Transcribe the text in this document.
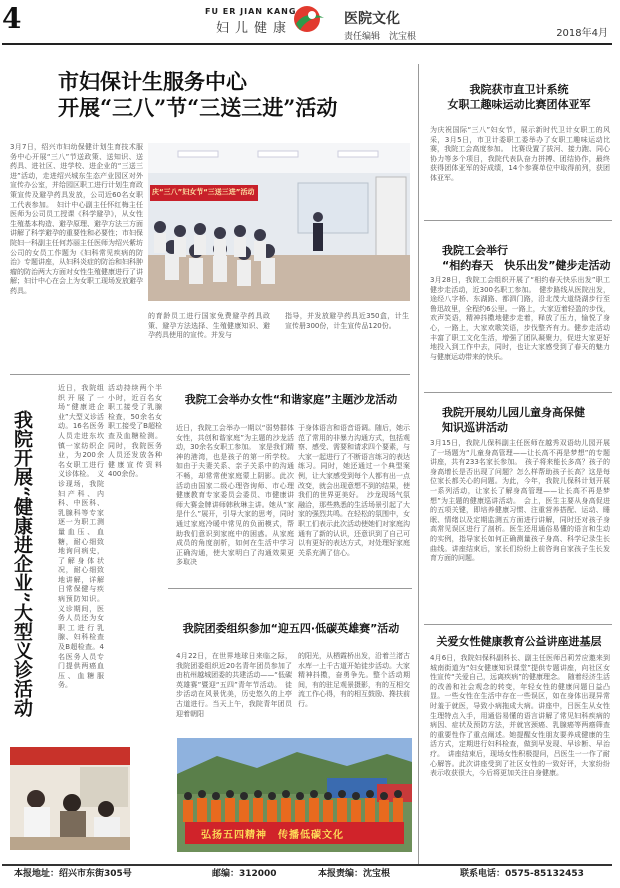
4	FU ER JIAN KANG
妇儿健康
医院文化
责任编辑　沈宝根	2018年4月
市妇保计生服务中心
开展“三八”节“三送三进”活动
3月7日，绍兴市妇幼保健计划生育技术服务中心开展“三八”节送政策、送知识、送药具、进社区、进学校、进企业的“三送三进”活动，走进绍兴城东生态产业园区对外宣传办公室，并给园区职工进行计划生育政策宣传及避孕药具发放，公司近60名女职工代表参加。　妇计中心副主任怀红梅主任医师为公司员工授课《科学避孕》，从女性生殖基本构造、避孕原理、避孕方法三方面讲解了科学避孕的重要性和必要性；市妇保院妇一科副主任何苏丽主任医师为绍兴紫坊公司的女员工作题为《妇科常见疾病的防治》专题讲座，从妇科炎症的防治和妇科肿瘤的防治两大方面对女性生殖健康进行了讲解；妇计中心在会上为女职工现场发放避孕药具。
庆“三八”妇女节“三送三进”活动
的育龄员工进行国家免费避孕药具政策、避孕方法选择、生殖健康知识、避孕药具使用的宣传。并发与
指导，并发放避孕药具近350盒，计生宣传册300份，计生宣传品120份。
我院开展“健康进企业”大型义诊活动
近日，我院组织开展了一场“健康进企业”大型义诊活动。16名医务人员走进东坎镇一家纺织企业，为200余名女职工进行义诊体检。　义诊现场，我院妇产科、内科、中医科、乳腺科等专家逐一为职工测量血压、血糖，耐心细致地询问病史，了解身体状况，耐心细致地讲解，详解日常保健与疾病预防知识。义诊期间，医务人员还为女职工进行乳腺、妇科检查及B超检查。4名医务人员专门提供两癌血压、血糖服务。
活动持续两个半小时，近百名女职工接受了乳腺检查，50余名女职工接受了B超检查及血糖检测。同时，我院医务人员还发放各种健康宣传资料400余份。
我院工会举办女性“和谐家庭”主题沙龙活动
近日，我院工会举办一期以“弱势群体女性，共创和谐家庭”为主题的沙龙活动，30余名女职工参加。　家是我们精神的港湾，也是孩子的第一所学校。如由于夫妻关系、亲子关系中的沟通不畅，却常常使家庭蒙上阴影。此次活动由国家二级心理咨询师、市心理健康教育专家委员会委员、市健康讲师大赛金牌讲师韩秋琳主讲。她从“家是什么”展开，引导大家的思考，同时通过家庭冷暖中常见的负面模式，帮助我们意识到家庭中的困惑。从家庭成员的角度剖析，如何在生活中学习正确沟通，使大家明白了沟通效果更多取决
于身体语言和语音语调。随后，她示范了常用的非暴力沟通方式，包括观察、感受、需要和请求四个要素，与大家一起进行了不断语言练习的表达练习。同时，她还通过一个典型案例，让大家感受到每个人都有出一点改变，就会出现意想不到的结果，使我们的世界更美好。　沙龙现场气氛融洽，那些熟悉的生活场景引起了大家的强烈共鸣。在轻松的氛围中，女职工们表示此次活动使她们对家庭沟通有了新的认识，还意识到了自己可以有更好的表达方式，对处理好家庭关系充满了信心。
我院团委组织参加“迎五四·低碳英雄赛”活动
4月22日，在世界地球日来临之际，我院团委组织近20名青年团员参加了由杭州越城团委的共建活动——“低碳英雄赛”暨迎“五四”青年节活动。　徒步活动在风景优美，历史悠久的上亭古道进行。当天上午，我院青年团员迎着朝阳
的阳光，从栖霞桥出发，沿着兰渚古水库一上千古道开始徒步活动。大家精神抖擞，奋勇争先。整个活动期间，有的驻足观景摄影，有的互相交流工作心得，有的相互鼓励、搀扶前行。
弘扬五四精神　传播低碳文化
我院获市直卫计系统
女职工趣味运动比赛团体亚军
为庆祝国际“三八”妇女节，展示新时代卫计女职工的风采，3月5日，市卫计委职工委举办了女职工趣味运动比赛，我院工会高度参加。　比赛设置了拔河、接力跑、同心协力等多个项目，我院代表队奋力拼搏、团结协作，最终获得团体亚军的好成绩，14个参赛单位中取得前列，获团体亚军。
我院工会举行
“相约春天　快乐出发”健步走活动
3月28日，我院工会组织开展了“相约春天快乐出发”职工健步走活动，近300名职工参加。　健步路线从医院出发，途经八字桥、东湖路、都泗门路，沿北茂大道绕湖步行至鲁迅故里，全程约6公里。一路上，大家迈着轻盈的步伐，欢声笑语，精神抖擞地健步走着，释放了压力，愉悦了身心，一路上，大家欢歌笑语，步伐整齐有力。健步走活动丰富了职工文化生活，增强了团队凝聚力，促进大家更好地投入到工作中去，同时，也让大家感受到了春天的魅力与健康运动带来的快乐。
我院开展幼儿园儿童身高保健
知识巡讲活动
3月15日，我院儿保科副主任医师在越秀双语幼儿园开展了一场题为“儿童身高管理——让长高不再是梦想”的专题讲座，共有233名家长参加。　孩子将来能长多高？孩子的身高增长是否出现了问题？怎么样帮助孩子长高？这是每位家长都关心的问题。为此，今年，我院儿保科计划开展一系列活动，让家长了解身高管理——让长高不再是梦想”为主题的健康巡讲活动。　会上，医生主要从身高促进的五项关键，即培养健康习惯、注重营养搭配、运动、睡眠、情绪以及定期监测五方面进行讲解，同时还对孩子身高常见误区进行了剖析。医生还用通俗易懂的语言和生动的实例，指导家长如何正确测量孩子身高、科学记录生长曲线。讲座结束后，家长们纷纷上前咨询自家孩子生长发育方面的问题。
关爱女性健康教育公益讲座进基层
4月6日，我院妇保科副科长、副主任医师吕莉芳应邀来到城南街道为“妇女健康知识课堂”提供专题讲座，向社区女性宣传“关爱自己，远离疾病”的健康理念。　随着经济生活的改善和社会观念的转变，年轻女性的健康问题日益凸显。一些女性在生活中存在一些误区，如在身体出现异常时羞于就医，导致小病拖成大病。讲座中，吕医生从女性生理特点入手，用通俗易懂的语言讲解了常见妇科疾病的病因、症状及预防方法，并就宫颈癌、乳腺癌等两癌筛查的重要性作了重点阐述。她提醒女性朋友要养成健康的生活方式，定期进行妇科检查，做到早发现、早诊断、早治疗。　讲座结束后，现场女性积极提问，吕医生一一作了耐心解答。此次讲座受到了社区女性的一致好评，大家纷纷表示收获很大，今后将更加关注自身健康。
本报地址：绍兴市东街305号	邮编：312000	本报责编：沈宝根	联系电话：0575-85132453
